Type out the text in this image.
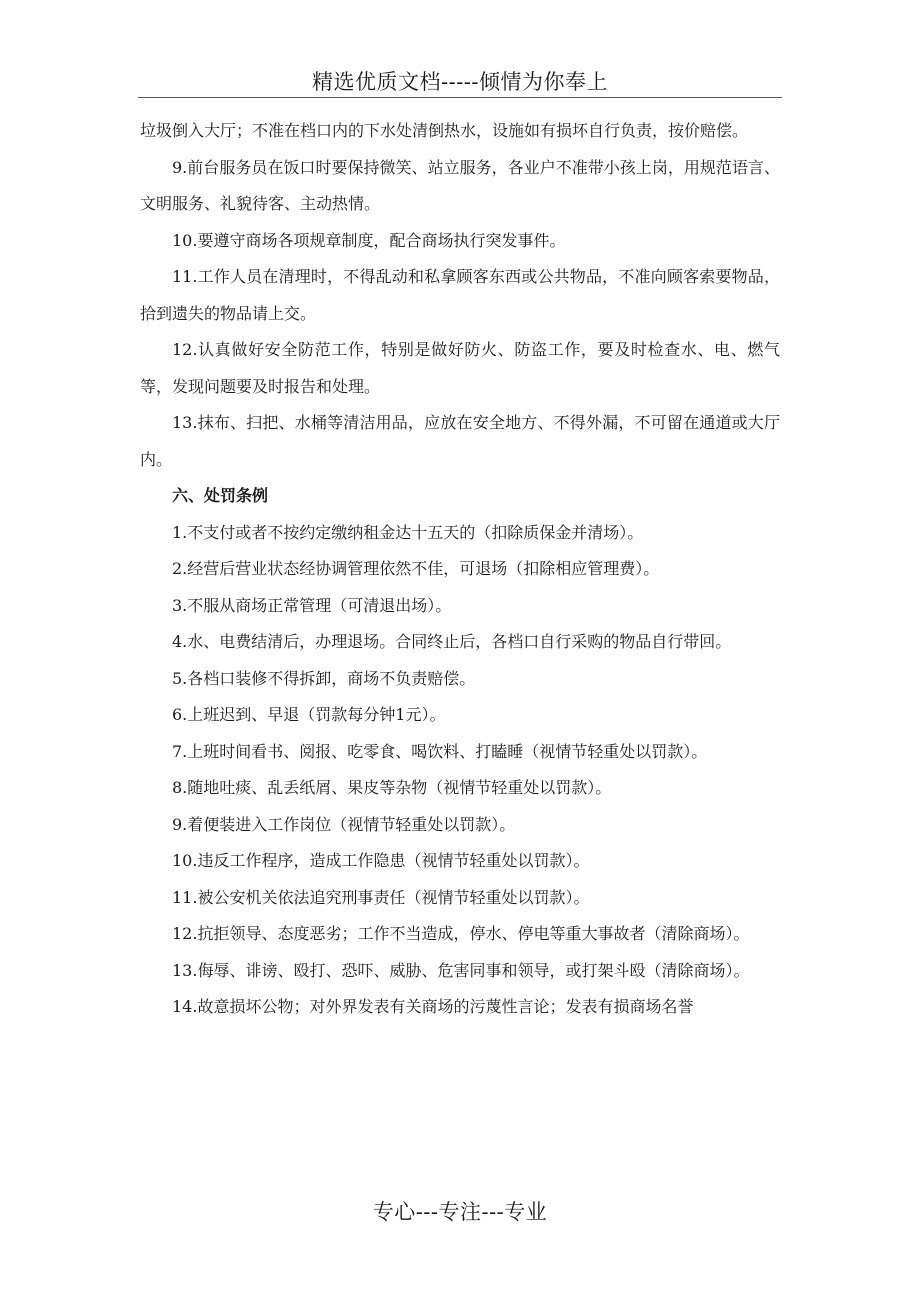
精选优质文档-----倾情为你奉上

垃圾倒入大厅；不准在档口内的下水处清倒热水，设施如有损坏自行负责，按价赔偿。

9.前台服务员在饭口时要保持微笑、站立服务，各业户不准带小孩上岗，用规范语言、文明服务、礼貌待客、主动热情。

10.要遵守商场各项规章制度，配合商场执行突发事件。

11.工作人员在清理时，不得乱动和私拿顾客东西或公共物品，不准向顾客索要物品，拾到遗失的物品请上交。

12.认真做好安全防范工作，特别是做好防火、防盗工作，要及时检查水、电、燃气等，发现问题要及时报告和处理。

13.抹布、扫把、水桶等清洁用品，应放在安全地方、不得外漏，不可留在通道或大厅内。

六、处罚条例

1.不支付或者不按约定缴纳租金达十五天的（扣除质保金并清场）。

2.经营后营业状态经协调管理依然不佳，可退场（扣除相应管理费）。

3.不服从商场正常管理（可清退出场）。

4.水、电费结清后，办理退场。合同终止后，各档口自行采购的物品自行带回。

5.各档口装修不得拆卸，商场不负责赔偿。

6.上班迟到、早退（罚款每分钟1元）。

7.上班时间看书、阅报、吃零食、喝饮料、打瞌睡（视情节轻重处以罚款）。

8.随地吐痰、乱丢纸屑、果皮等杂物（视情节轻重处以罚款）。

9.着便装进入工作岗位（视情节轻重处以罚款）。

10.违反工作程序，造成工作隐患（视情节轻重处以罚款）。

11.被公安机关依法追究刑事责任（视情节轻重处以罚款）。

12.抗拒领导、态度恶劣；工作不当造成，停水、停电等重大事故者（清除商场）。

13.侮辱、诽谤、殴打、恐吓、威胁、危害同事和领导，或打架斗殴（清除商场）。

14.故意损坏公物；对外界发表有关商场的污蔑性言论；发表有损商场名誉

专心---专注---专业
